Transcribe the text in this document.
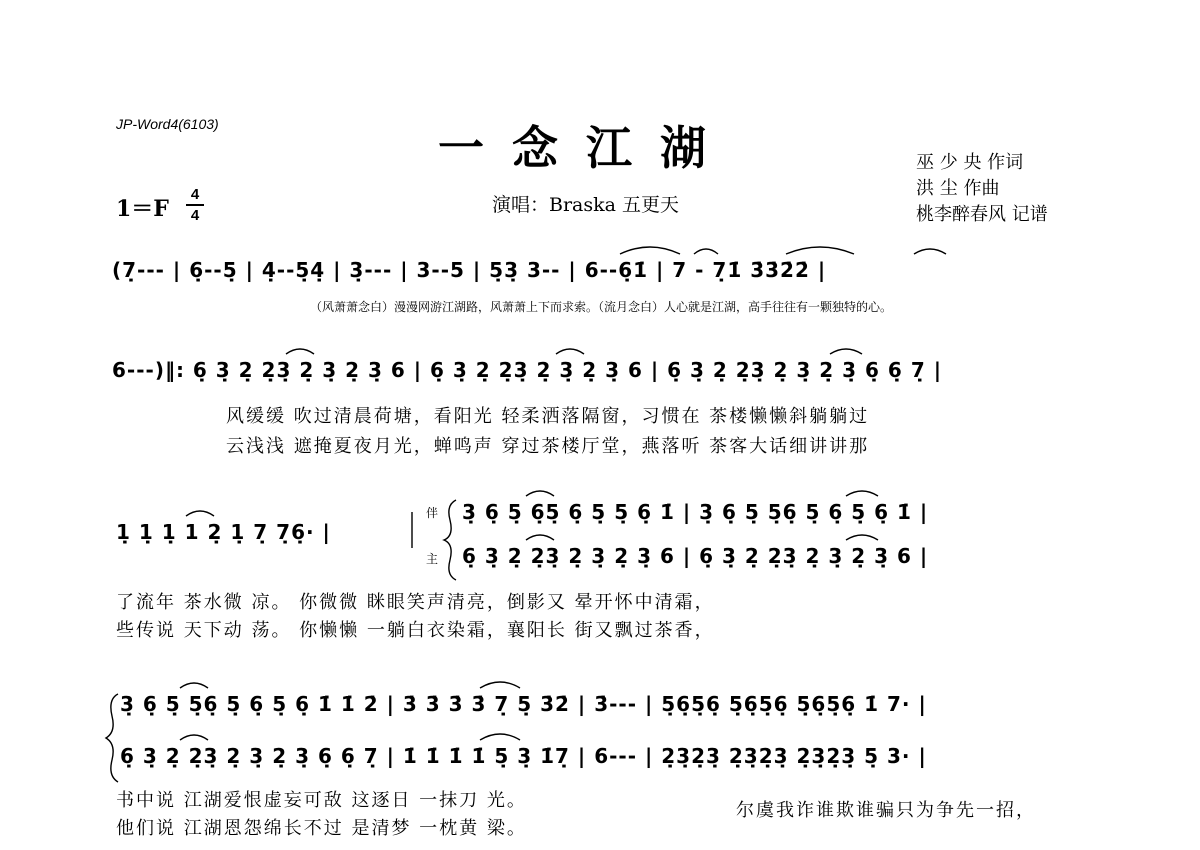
JP-Word4(6103)	一念江湖
1＝F
4
4	演唱：Braska 五更天
巫 少 央 作词
洪 尘 作曲
桃李醉春风 记谱
(7̣--- | 6̣--5̣ | 4̣--5̣4̣ | 3̣--- | 3--5 | 5̣3̣ 3-- | 6--6̣1̇ | 7 - 7̣1̇ 3̇3̇2̇2̇ |
（风萧萧念白）漫漫网游江湖路，风萧萧上下而求索。（流月念白）人心就是江湖，高手往往有一颗独特的心。
6---)‖: 6̣ 3̣ 2̣ 2̣3̣ 2̣ 3̣ 2̣ 3̣ 6 | 6̣ 3̣ 2̣ 2̣3̣ 2̣ 3̣ 2̣ 3̣ 6 | 6̣ 3̣ 2̣ 2̣3̣ 2̣ 3̣ 2̣ 3̣ 6̣ 6̣ 7̣ |
风缓缓 吹过清晨荷塘，看阳光 轻柔洒落隔窗，习惯在 茶楼懒懒斜躺躺过
云浅浅 遮掩夏夜月光，蝉鸣声 穿过茶楼厅堂，燕落听 茶客大话细讲讲那
1̣ 1̣ 1̣ 1 2̣ 1̣ 7̣ 7̣6̣· |
伴
主
3̣ 6̣ 5̣ 6̣5̣ 6̣ 5̣ 5̣ 6̣ 1̇ | 3̣ 6̣ 5̣ 5̣6̣ 5̣ 6̣ 5̣ 6̣ 1̇ |
6̣ 3̣ 2̣ 2̣3̣ 2̣ 3̣ 2̣ 3̣ 6 | 6̣ 3̣ 2̣ 2̣3̣ 2̣ 3̣ 2̣ 3̣ 6 |
了流年 茶水微 凉。 你微微 眯眼笑声清亮，倒影又 晕开怀中清霜，
些传说 天下动 荡。 你懒懒 一躺白衣染霜，襄阳长 街又飘过茶香，
3̣ 6̣ 5̣ 5̣6̣ 5̣ 6̣ 5̣ 6̣ 1̇ 1̇ 2̇ | 3̇ 3̇ 3̇ 3̇ 7̣ 5̣ 3̇2̇ | 3̇--- | 5̣6̣5̣6̣ 5̣6̣5̣6̣ 5̣6̣5̣6̣ 1̇ 7· |
6̣ 3̣ 2̣ 2̣3̣ 2̣ 3̣ 2̣ 3̣ 6̣ 6̣ 7̣ | 1̇ 1̇ 1̇ 1̇ 5̣ 3̣ 1̇7̣ | 6--- | 2̣3̣2̣3̣ 2̣3̣2̣3̣ 2̣3̣2̣3̣ 5̣ 3· |
书中说 江湖爱恨虚妄可敌 这逐日 一抹刀 光。
他们说 江湖恩怨绵长不过 是清梦 一枕黄 梁。
尔虞我诈谁欺谁骗只为争先一招，
